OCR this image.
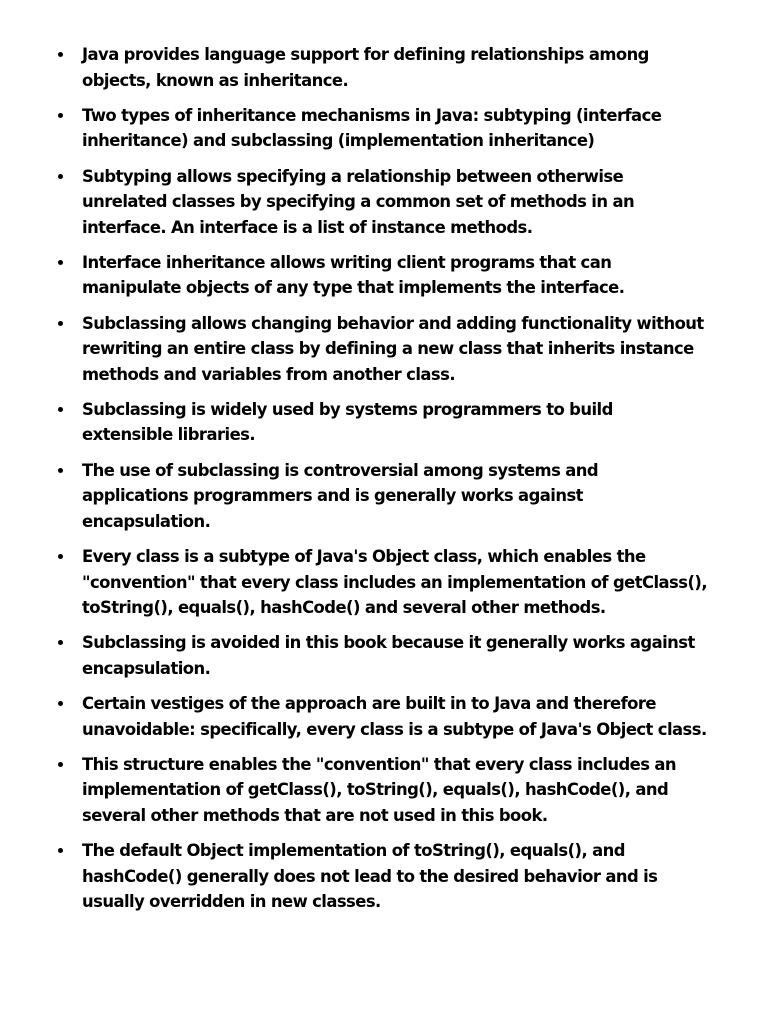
Java provides language support for defining relationships among objects, known as inheritance.
Two types of inheritance mechanisms in Java: subtyping (interface inheritance) and subclassing (implementation inheritance)
Subtyping allows specifying a relationship between otherwise unrelated classes by specifying a common set of methods in an interface. An interface is a list of instance methods.
Interface inheritance allows writing client programs that can manipulate objects of any type that implements the interface.
Subclassing allows changing behavior and adding functionality without rewriting an entire class by defining a new class that inherits instance methods and variables from another class.
Subclassing is widely used by systems programmers to build extensible libraries.
The use of subclassing is controversial among systems and applications programmers and is generally works against encapsulation.
Every class is a subtype of Java's Object class, which enables the "convention" that every class includes an implementation of getClass(), toString(), equals(), hashCode() and several other methods.
Subclassing is avoided in this book because it generally works against encapsulation.
Certain vestiges of the approach are built in to Java and therefore unavoidable: specifically, every class is a subtype of Java's Object class.
This structure enables the "convention" that every class includes an implementation of getClass(), toString(), equals(), hashCode(), and several other methods that are not used in this book.
The default Object implementation of toString(), equals(), and hashCode() generally does not lead to the desired behavior and is usually overridden in new classes.
